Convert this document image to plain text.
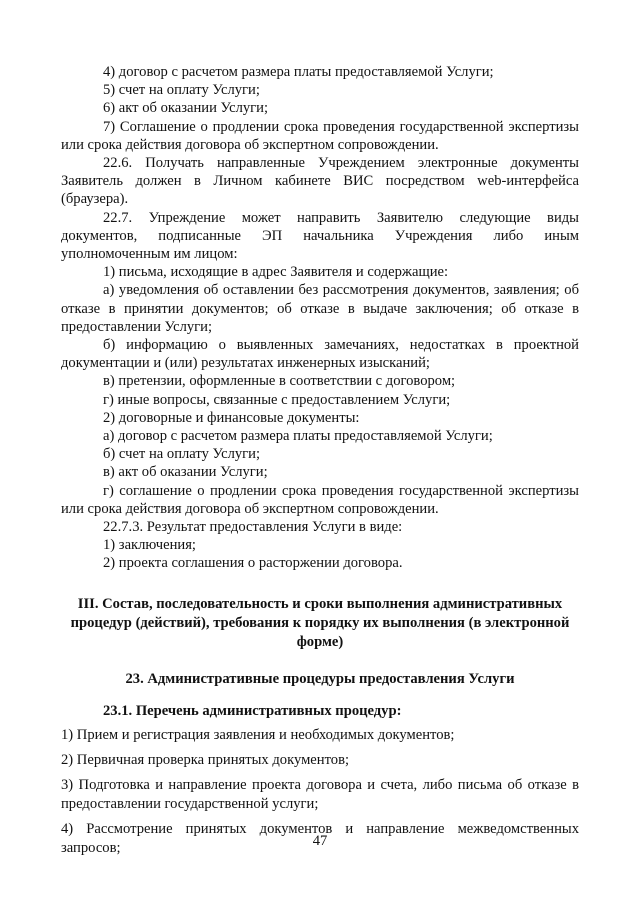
4) договор с расчетом размера платы предоставляемой Услуги;

5) счет на оплату Услуги;

6) акт об оказании Услуги;

7) Соглашение о продлении срока проведения государственной экспертизы или срока действия договора об экспертном сопровождении.

22.6. Получать направленные Учреждением электронные документы Заявитель должен в Личном кабинете ВИС посредством web-интерфейса (браузера).

22.7. Упреждение может направить Заявителю следующие виды документов, подписанные ЭП начальника Учреждения либо иным уполномоченным им лицом:

1) письма, исходящие в адрес Заявителя и содержащие:

а) уведомления об оставлении без рассмотрения документов, заявления; об отказе в принятии документов; об отказе в выдаче заключения; об отказе в предоставлении Услуги;

б) информацию о выявленных замечаниях, недостатках в проектной документации и (или) результатах инженерных изысканий;

в) претензии, оформленные в соответствии с договором;

г) иные вопросы, связанные с предоставлением Услуги;

2) договорные и финансовые документы:

а) договор с расчетом размера платы предоставляемой Услуги;

б) счет на оплату Услуги;

в) акт об оказании Услуги;

г) соглашение о продлении срока проведения государственной экспертизы или срока действия договора об экспертном сопровождении.

22.7.3. Результат предоставления Услуги в виде:

1) заключения;

2) проекта соглашения о расторжении договора.

III. Состав, последовательность и сроки выполнения административных процедур (действий), требования к порядку их выполнения (в электронной форме)

23. Административные процедуры предоставления Услуги

23.1. Перечень административных процедур:

1) Прием и регистрация заявления и необходимых документов;

2) Первичная проверка принятых документов;

3) Подготовка и направление проекта договора и счета, либо письма об отказе в предоставлении государственной услуги;

4) Рассмотрение принятых документов и направление межведомственных запросов;	47
